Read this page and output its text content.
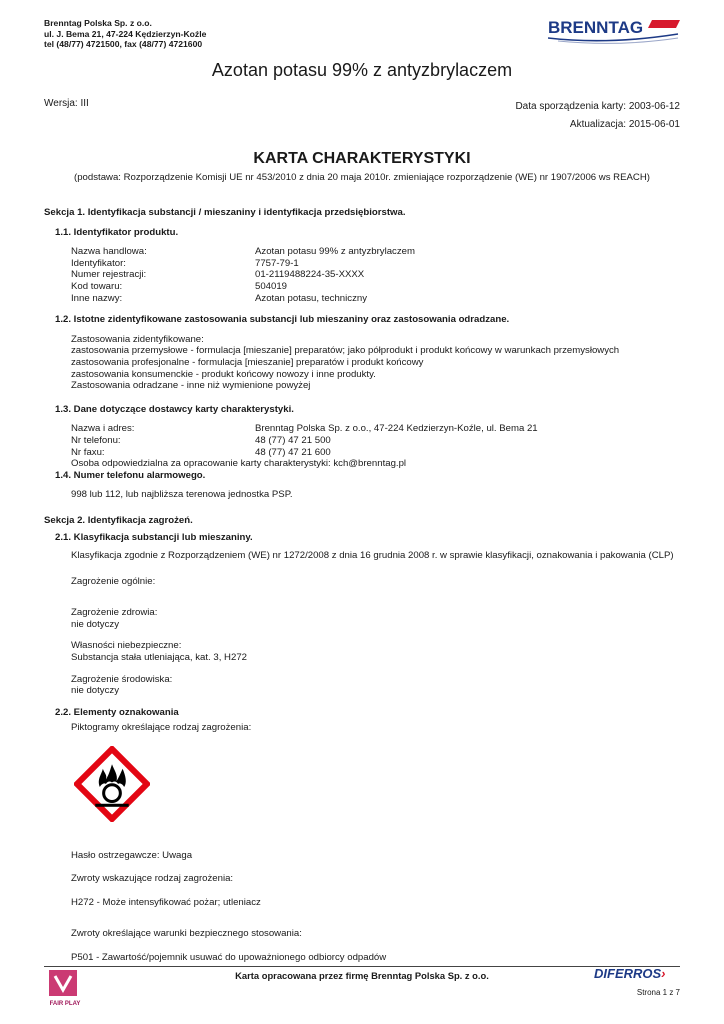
Brenntag Polska Sp. z o.o.
ul. J. Bema 21, 47-224 Kędzierzyn-Koźle
tel (48/77) 4721500, fax (48/77) 4721600
BRENNTAG
Azotan potasu 99% z antyzbrylaczem
Wersja: III	Data sporządzenia karty: 2003-06-12
Aktualizacja: 2015-06-01
KARTA CHARAKTERYSTYKI
(podstawa: Rozporządzenie Komisji UE nr 453/2010 z dnia 20 maja 2010r. zmieniające rozporządzenie (WE) nr 1907/2006 ws REACH)
Sekcja 1. Identyfikacja substancji / mieszaniny i identyfikacja przedsiębiorstwa.
1.1. Identyfikator produktu.
Nazwa handlowa:	Azotan potasu 99% z antyzbrylaczem
Identyfikator:	7757-79-1
Numer rejestracji:	01-2119488224-35-XXXX
Kod towaru:	504019
Inne nazwy:	Azotan potasu, techniczny
1.2. Istotne zidentyfikowane zastosowania substancji lub mieszaniny oraz zastosowania odradzane.
Zastosowania zidentyfikowane:
zastosowania przemysłowe - formulacja [mieszanie] preparatów; jako półprodukt i produkt końcowy w warunkach przemysłowych
zastosowania profesjonalne - formulacja [mieszanie] preparatów i produkt końcowy
zastosowania konsumenckie - produkt końcowy nowozy i inne produkty.
Zastosowania odradzane - inne niż wymienione powyżej
1.3. Dane dotyczące dostawcy karty charakterystyki.
Nazwa i adres:	Brenntag Polska Sp. z o.o., 47-224 Kedzierzyn-Koźle, ul. Bema 21
Nr telefonu:	48 (77) 47 21 500
Nr faxu:	48 (77) 47 21 600
Osoba odpowiedzialna za opracowanie karty charakterystyki: kch@brenntag.pl
1.4. Numer telefonu alarmowego.
998 lub 112, lub najbliższa terenowa jednostka PSP.
Sekcja 2. Identyfikacja zagrożeń.
2.1. Klasyfikacja substancji lub mieszaniny.
Klasyfikacja zgodnie z Rozporządzeniem (WE) nr 1272/2008 z dnia 16 grudnia 2008 r. w sprawie klasyfikacji, oznakowania i pakowania (CLP)
Zagrożenie ogólnie:
Zagrożenie zdrowia:
nie dotyczy
Własności niebezpieczne:
Substancja stała utleniająca, kat. 3, H272
Zagrożenie środowiska:
nie dotyczy
2.2. Elementy oznakowania
Piktogramy określające rodzaj zagrożenia:
Hasło ostrzegawcze: Uwaga
Zwroty wskazujące rodzaj zagrożenia:
H272 - Może intensyfikować pożar; utleniacz
Zwroty określające warunki bezpiecznego stosowania:
P501 - Zawartość/pojemnik usuwać do upoważnionego odbiorcy odpadów
Karta opracowana przez firmę Brenntag Polska Sp. z o.o.
FAIR PLAY
DIFERROS›
Strona 1 z 7
